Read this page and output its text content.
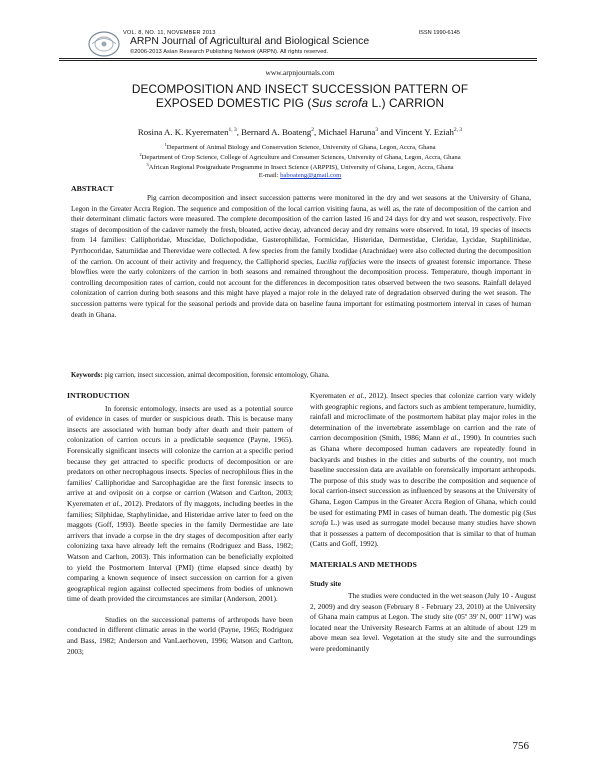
VOL. 8, NO. 11, NOVEMBER 2013	ISSN 1990-6145
ARPN Journal of Agricultural and Biological Science
©2006-2013 Asian Research Publishing Network (ARPN). All rights reserved.
www.arpnjournals.com
DECOMPOSITION AND INSECT SUCCESSION PATTERN OF
EXPOSED DOMESTIC PIG (Sus scrofa L.) CARRION
Rosina A. K. Kyerematen$^{1, 3}$, Bernard A. Boateng$^2$, Michael Haruna$^3$ and Vincent Y. Eziah$^{2, 3}$
$^1$Department of Animal Biology and Conservation Science, University of Ghana, Legon, Accra, Ghana
$^2$Department of Crop Science, College of Agriculture and Consumer Sciences, University of Ghana, Legon, Accra, Ghana
$^3$African Regional Postgraduate Programme in Insect Science (ARPPIS), University of Ghana, Legon, Accra, Ghana
E-mail: baboateng@gmail.com
ABSTRACT

Pig carrion decomposition and insect succession patterns were monitored in the dry and wet seasons at the University of Ghana, Legon in the Greater Accra Region. The sequence and composition of the local carrion visiting fauna, as well as, the rate of decomposition of the carrion and their determinant climatic factors were measured. The complete decomposition of the carrion lasted 16 and 24 days for dry and wet season, respectively. Five stages of decomposition of the cadaver namely the fresh, bloated, active decay, advanced decay and dry remains were observed. In total, 19 species of insects from 14 families: Calliphoridae, Muscidae, Dolichopodidae, Gasterophilidae, Formicidae, Histeridae, Dermestidae, Cleridae, Lycidae, Staphilinidae, Pyrrhocoridae, Saturniidae and Therevidae were collected. A few species from the family Ixodidae (Arachnidae) were also collected during the decomposition of the carrion. On account of their activity and frequency, the Calliphorid species, Lucilia rufifacies were the insects of greatest forensic importance. These blowflies were the early colonizers of the carrion in both seasons and remained throughout the decomposition process. Temperature, though important in controlling decomposition rates of carrion, could not account for the differences in decomposition rates observed between the two seasons. Rainfall delayed colonization of carrion during both seasons and this might have played a major role in the delayed rate of degradation observed during the wet season. The succession patterns were typical for the seasonal periods and provide data on baseline fauna important for estimating postmortem interval in cases of human death in Ghana.

Keywords: pig carrion, insect succession, animal decomposition, forensic entomology, Ghana.
INTRODUCTION

In forensic entomology, insects are used as a potential source of evidence in cases of murder or suspicious death. This is because many insects are associated with human body after death and their pattern of colonization of carrion occurs in a predictable sequence (Payne, 1965). Forensically significant insects will colonize the carrion at a specific period because they get attracted to specific products of decomposition or are predators on other necrophagous insects. Species of necrophilous flies in the families' Calliphoridae and Sarcophagidae are the first forensic insects to arrive at and oviposit on a corpse or carrion (Watson and Carlton, 2003; Kyerematen et al., 2012). Predators of fly maggots, including beetles in the families; Silphidae, Staphylinidae, and Histeridae arrive later to feed on the maggots (Goff, 1993). Beetle species in the family Dermestidae are late arrivers that invade a corpse in the dry stages of decomposition after early colonizing taxa have already left the remains (Rodriguez and Bass, 1982; Watson and Carlton, 2003). This information can be beneficially exploited to yield the Postmortem Interval (PMI) (time elapsed since death) by comparing a known sequence of insect succession on carrion for a given geographical region against collected specimens from bodies of unknown time of death provided the circumstances are similar (Anderson, 2001).

Studies on the successional patterns of arthropods have been conducted in different climatic areas in the world (Payne, 1965; Rodriguez and Bass, 1982; Anderson and VanLaerhoven, 1996; Watson and Carlton, 2003;

Kyerematen et al., 2012). Insect species that colonize carrion vary widely with geographic regions, and factors such as ambient temperature, humidity, rainfall and microclimate of the postmortem habitat play major roles in the determination of the invertebrate assemblage on carrion and the rate of carrion decomposition (Smith, 1986; Mann et al., 1990). In countries such as Ghana where decomposed human cadavers are repeatedly found in backyards and bushes in the cities and suburbs of the country, not much baseline succession data are available on forensically important arthropods. The purpose of this study was to describe the composition and sequence of local carrion-insect succession as influenced by seasons at the University of Ghana, Legon Campus in the Greater Accra Region of Ghana, which could be used for estimating PMI in cases of human death. The domestic pig (Sus scrofa L.) was used as surrogate model because many studies have shown that it possesses a pattern of decomposition that is similar to that of human (Catts and Goff, 1992).

MATERIALS AND METHODS
Study site

The studies were conducted in the wet season (July 10 - August 2, 2009) and dry season (February 8 - February 23, 2010) at the University of Ghana main campus at Legon. The study site (05º 39' N, 000º 11'W) was located near the University Research Farms at an altitude of about 129 m above mean sea level. Vegetation at the study site and the surroundings were predominantly

756
